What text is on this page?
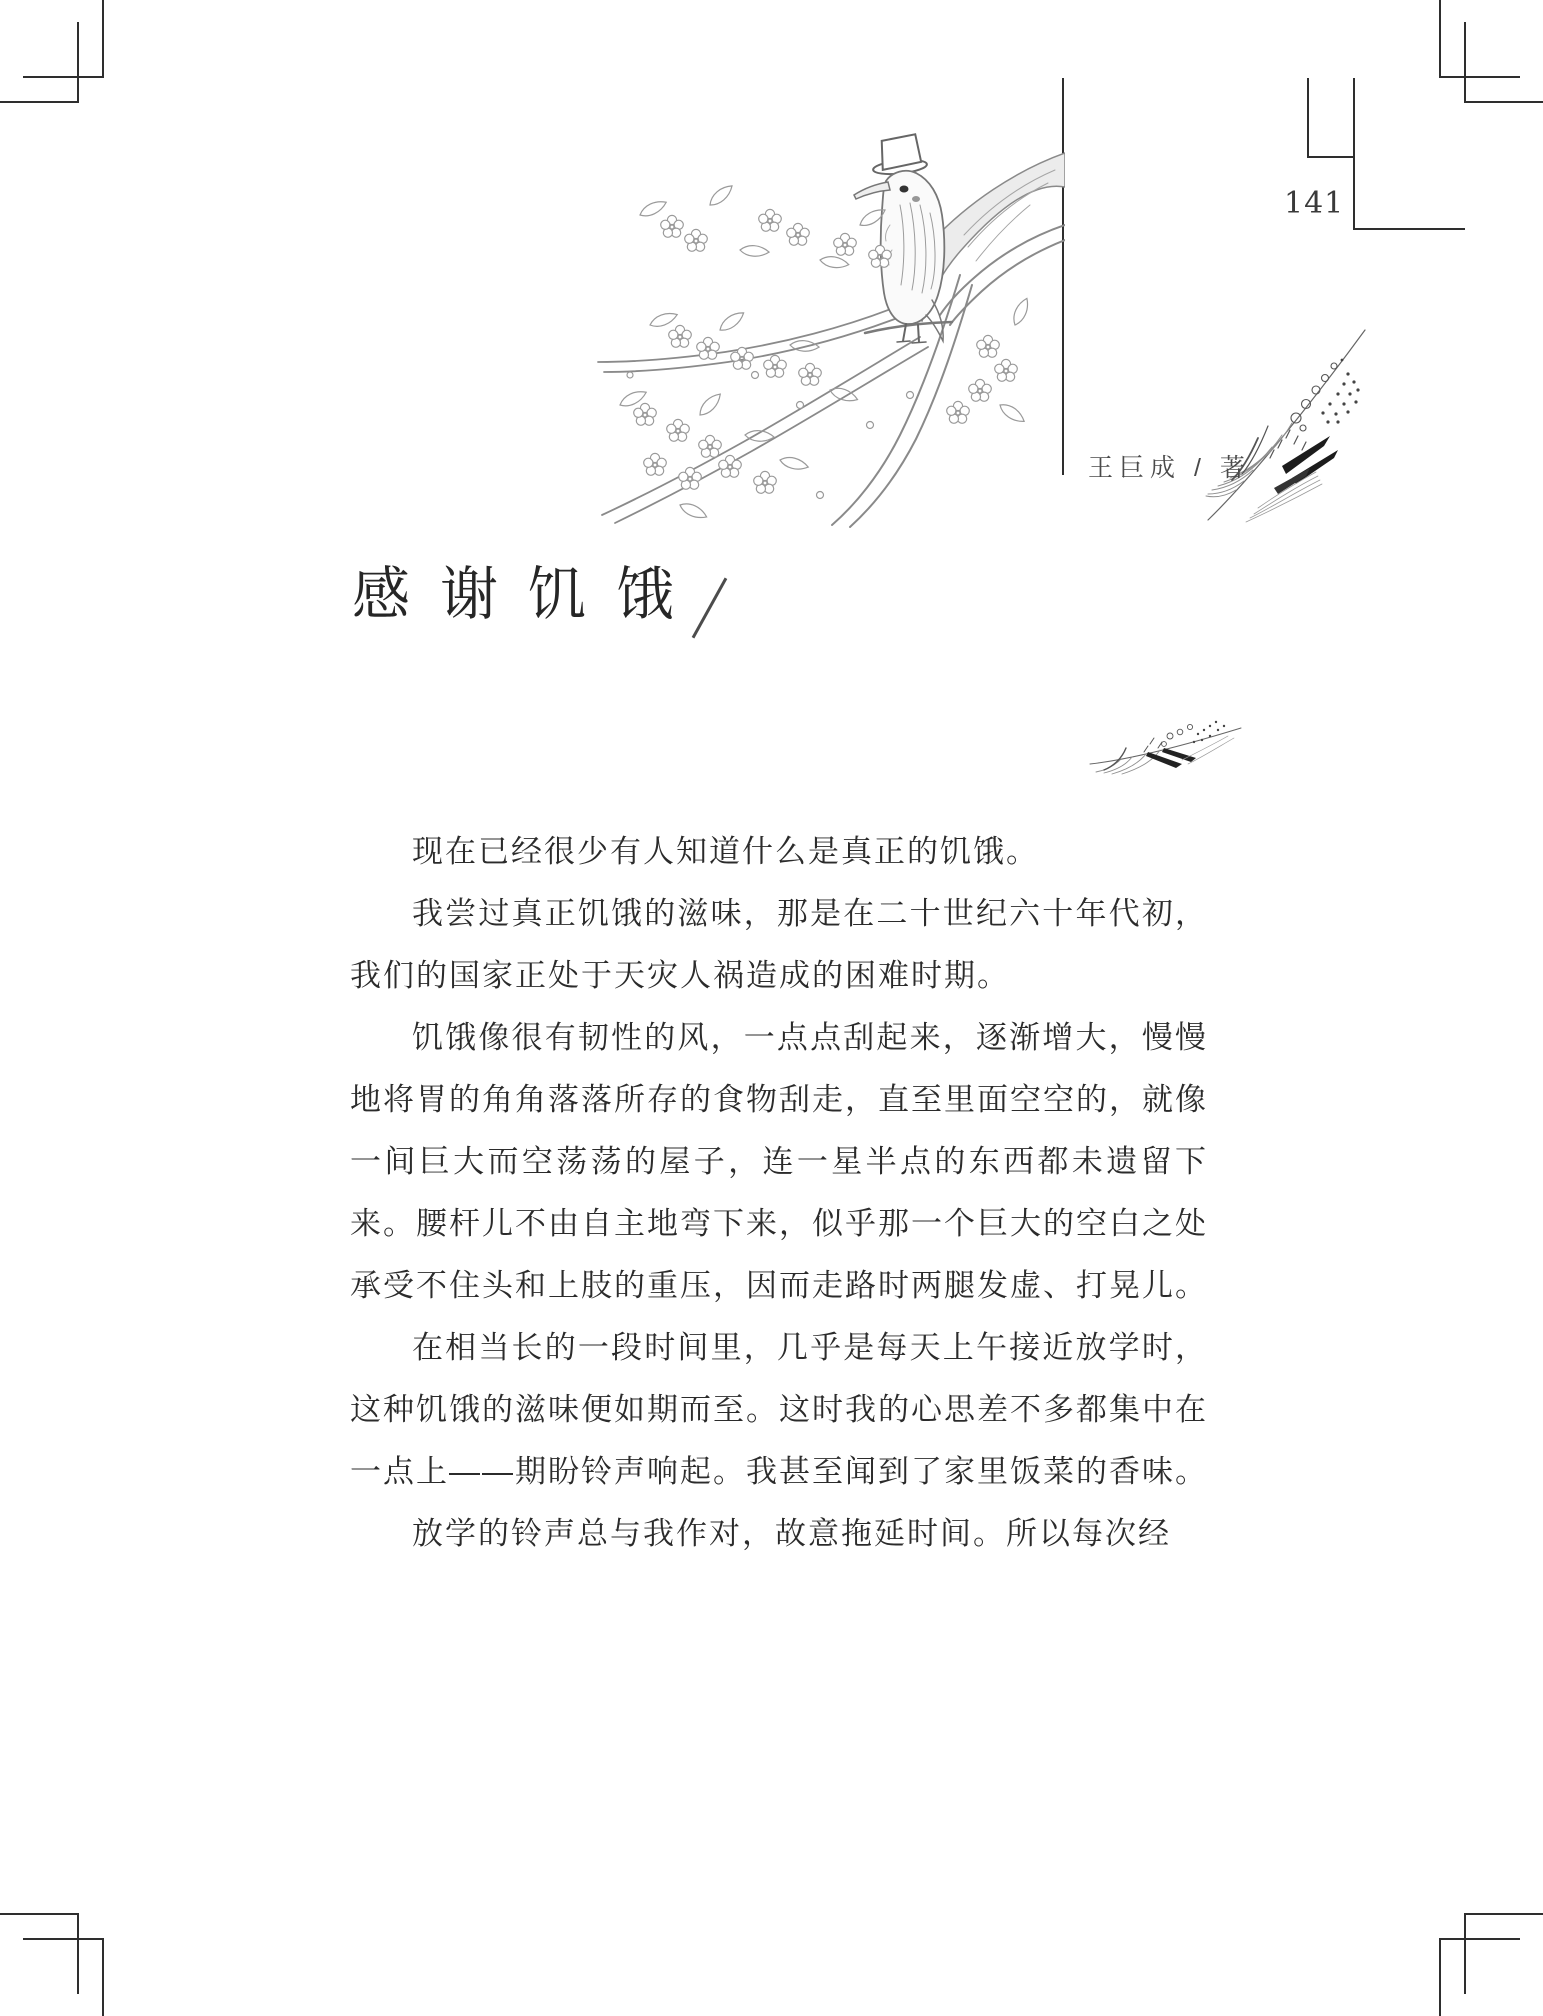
141
王巨成 / 著
感谢饥饿

现在已经很少有人知道什么是真正的饥饿。

我尝过真正饥饿的滋味，那是在二十世纪六十年代初，我们的国家正处于天灾人祸造成的困难时期。

饥饿像很有韧性的风，一点点刮起来，逐渐增大，慢慢地将胃的角角落落所存的食物刮走，直至里面空空的，就像一间巨大而空荡荡的屋子，连一星半点的东西都未遗留下来。腰杆儿不由自主地弯下来，似乎那一个巨大的空白之处承受不住头和上肢的重压，因而走路时两腿发虚、打晃儿。

在相当长的一段时间里，几乎是每天上午接近放学时，这种饥饿的滋味便如期而至。这时我的心思差不多都集中在一点上——期盼铃声响起。我甚至闻到了家里饭菜的香味。

放学的铃声总与我作对，故意拖延时间。所以每次经
